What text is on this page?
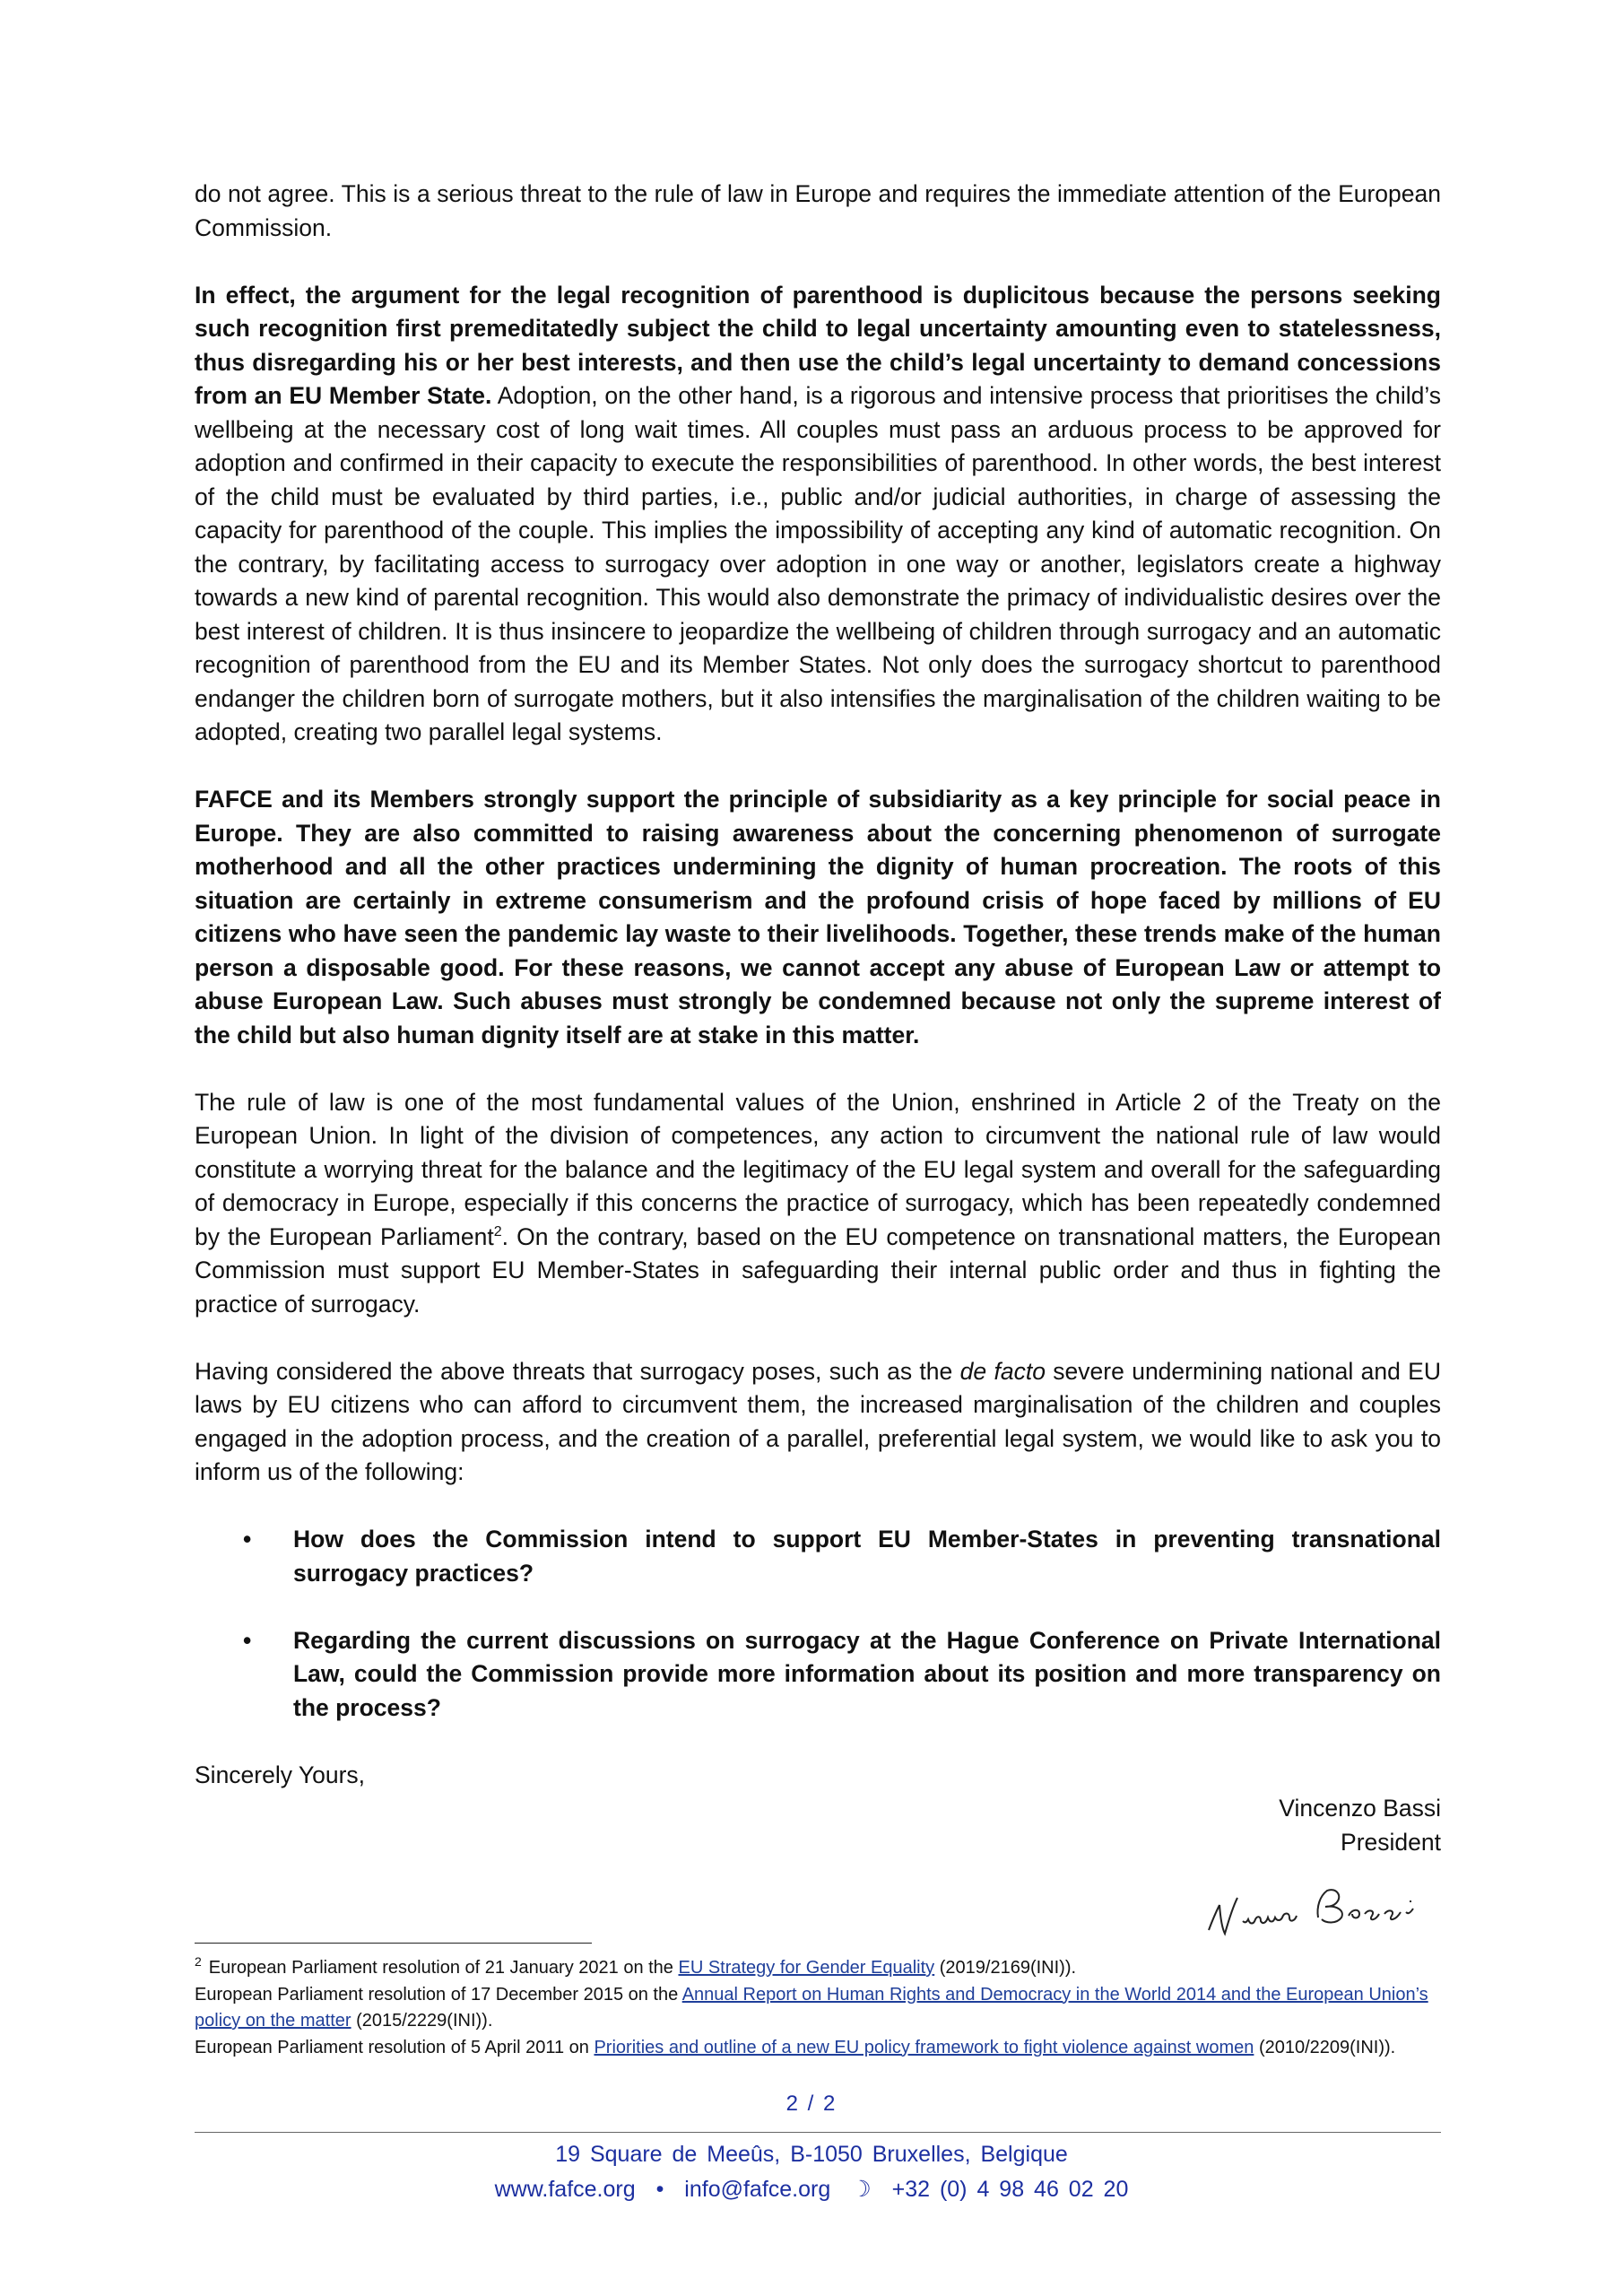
do not agree. This is a serious threat to the rule of law in Europe and requires the immediate attention of the European Commission.

In effect, the argument for the legal recognition of parenthood is duplicitous because the persons seeking such recognition first premeditatedly subject the child to legal uncertainty amounting even to statelessness, thus disregarding his or her best interests, and then use the child’s legal uncertainty to demand concessions from an EU Member State. Adoption, on the other hand, is a rigorous and intensive process that prioritises the child’s wellbeing at the necessary cost of long wait times. All couples must pass an arduous process to be approved for adoption and confirmed in their capacity to execute the responsibilities of parenthood. In other words, the best interest of the child must be evaluated by third parties, i.e., public and/or judicial authorities, in charge of assessing the capacity for parenthood of the couple. This implies the impossibility of accepting any kind of automatic recognition. On the contrary, by facilitating access to surrogacy over adoption in one way or another, legislators create a highway towards a new kind of parental recognition. This would also demonstrate the primacy of individualistic desires over the best interest of children. It is thus insincere to jeopardize the wellbeing of children through surrogacy and an automatic recognition of parenthood from the EU and its Member States. Not only does the surrogacy shortcut to parenthood endanger the children born of surrogate mothers, but it also intensifies the marginalisation of the children waiting to be adopted, creating two parallel legal systems.

FAFCE and its Members strongly support the principle of subsidiarity as a key principle for social peace in Europe. They are also committed to raising awareness about the concerning phenomenon of surrogate motherhood and all the other practices undermining the dignity of human procreation. The roots of this situation are certainly in extreme consumerism and the profound crisis of hope faced by millions of EU citizens who have seen the pandemic lay waste to their livelihoods. Together, these trends make of the human person a disposable good. For these reasons, we cannot accept any abuse of European Law or attempt to abuse European Law. Such abuses must strongly be condemned because not only the supreme interest of the child but also human dignity itself are at stake in this matter.

The rule of law is one of the most fundamental values of the Union, enshrined in Article 2 of the Treaty on the European Union. In light of the division of competences, any action to circumvent the national rule of law would constitute a worrying threat for the balance and the legitimacy of the EU legal system and overall for the safeguarding of democracy in Europe, especially if this concerns the practice of surrogacy, which has been repeatedly condemned by the European Parliament$^2$. On the contrary, based on the EU competence on transnational matters, the European Commission must support EU Member-States in safeguarding their internal public order and thus in fighting the practice of surrogacy.

Having considered the above threats that surrogacy poses, such as the de facto severe undermining national and EU laws by EU citizens who can afford to circumvent them, the increased marginalisation of the children and couples engaged in the adoption process, and the creation of a parallel, preferential legal system, we would like to ask you to inform us of the following:

• How does the Commission intend to support EU Member-States in preventing transnational surrogacy practices?
• Regarding the current discussions on surrogacy at the Hague Conference on Private International Law, could the Commission provide more information about its position and more transparency on the process?

Sincerely Yours,

Vincenzo Bassi

President

$^2$ European Parliament resolution of 21 January 2021 on the EU Strategy for Gender Equality (2019/2169(INI)).

European Parliament resolution of 17 December 2015 on the Annual Report on Human Rights and Democracy in the World 2014 and the European Union’s policy on the matter (2015/2229(INI)).

European Parliament resolution of 5 April 2011 on Priorities and outline of a new EU policy framework to fight violence against women (2010/2209(INI)).

2 / 2
19 Square de Meeûs, B-1050 Bruxelles, Belgique
www.fafce.org • info@fafce.org ☽ +32 (0) 4 98 46 02 20
